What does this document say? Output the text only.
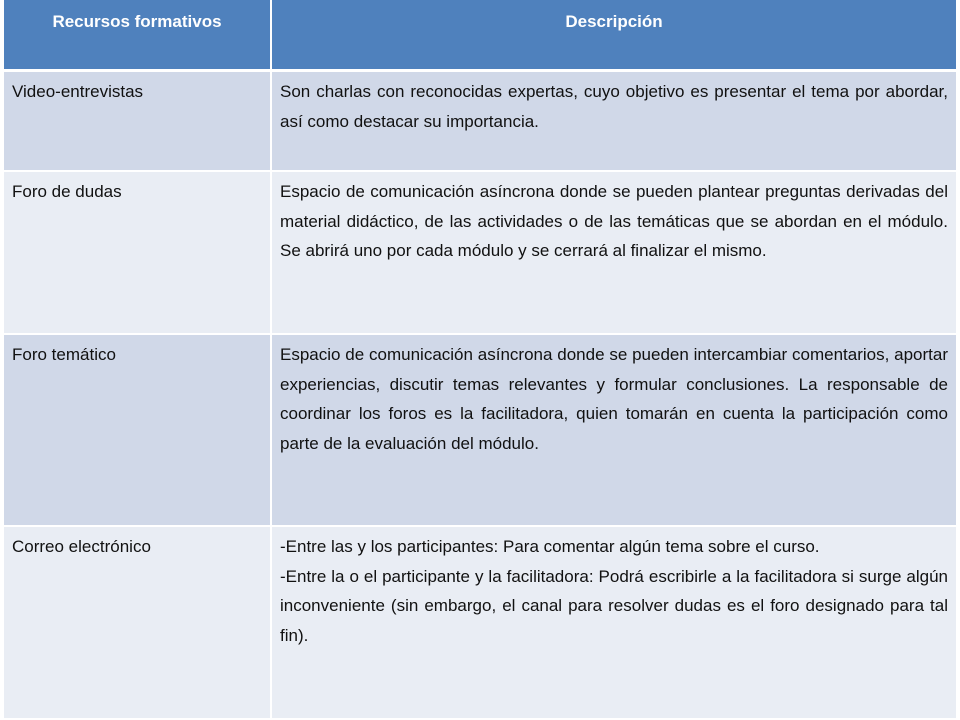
Recursos formativos	Descripción
Video-entrevistas	Son charlas con reconocidas expertas, cuyo objetivo es presentar el tema por abordar, así como destacar su importancia.
Foro de dudas	Espacio de comunicación asíncrona donde se pueden plantear preguntas derivadas del material didáctico, de las actividades o de las temáticas que se abordan en el módulo. Se abrirá uno por cada módulo y se cerrará al finalizar el mismo.
Foro temático	Espacio de comunicación asíncrona donde se pueden intercambiar comentarios, aportar experiencias, discutir temas relevantes y formular conclusiones. La responsable de coordinar los foros es la facilitadora, quien tomarán en cuenta la participación como parte de la evaluación del módulo.
Correo electrónico	-Entre las y los participantes: Para comentar algún tema sobre el curso.

-Entre la o el participante y la facilitadora: Podrá escribirle a la facilitadora si surge algún inconveniente (sin embargo, el canal para resolver dudas es el foro designado para tal fin).
